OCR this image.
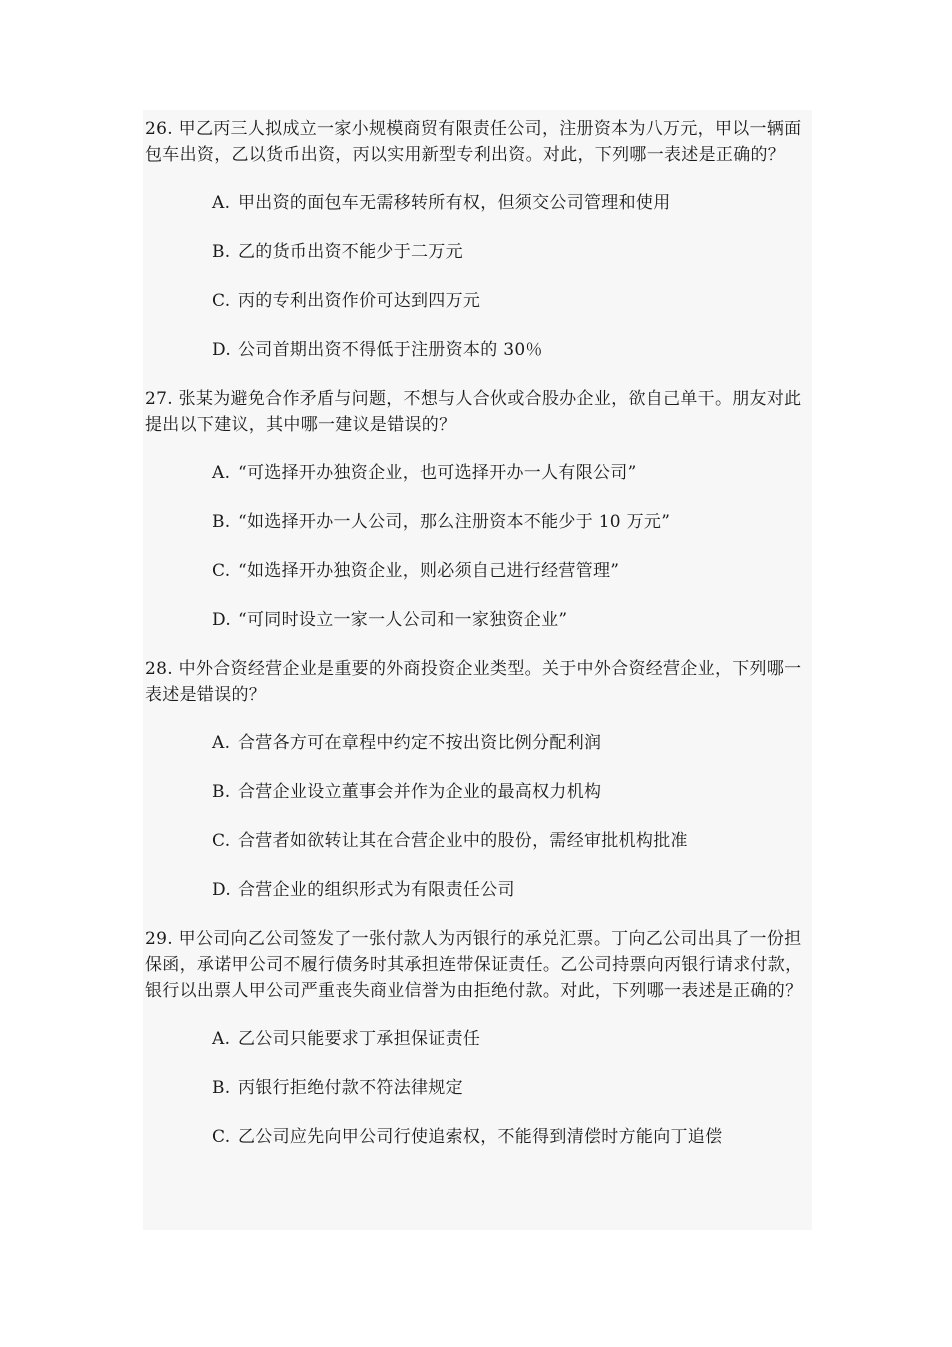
26. 甲乙丙三人拟成立一家小规模商贸有限责任公司，注册资本为八万元，甲以一辆面包车出资，乙以货币出资，丙以实用新型专利出资。对此，下列哪一表述是正确的？

A. 甲出资的面包车无需移转所有权，但须交公司管理和使用

B. 乙的货币出资不能少于二万元

C. 丙的专利出资作价可达到四万元

D. 公司首期出资不得低于注册资本的 30％

27. 张某为避免合作矛盾与问题，不想与人合伙或合股办企业，欲自己单干。朋友对此提出以下建议，其中哪一建议是错误的？

A. “可选择开办独资企业，也可选择开办一人有限公司”

B. “如选择开办一人公司，那么注册资本不能少于 10 万元”

C. “如选择开办独资企业，则必须自己进行经营管理”

D. “可同时设立一家一人公司和一家独资企业”

28. 中外合资经营企业是重要的外商投资企业类型。关于中外合资经营企业，下列哪一表述是错误的？

A. 合营各方可在章程中约定不按出资比例分配利润

B. 合营企业设立董事会并作为企业的最高权力机构

C. 合营者如欲转让其在合营企业中的股份，需经审批机构批准

D. 合营企业的组织形式为有限责任公司

29. 甲公司向乙公司签发了一张付款人为丙银行的承兑汇票。丁向乙公司出具了一份担保函，承诺甲公司不履行债务时其承担连带保证责任。乙公司持票向丙银行请求付款，银行以出票人甲公司严重丧失商业信誉为由拒绝付款。对此，下列哪一表述是正确的？

A. 乙公司只能要求丁承担保证责任

B. 丙银行拒绝付款不符法律规定

C. 乙公司应先向甲公司行使追索权，不能得到清偿时方能向丁追偿
